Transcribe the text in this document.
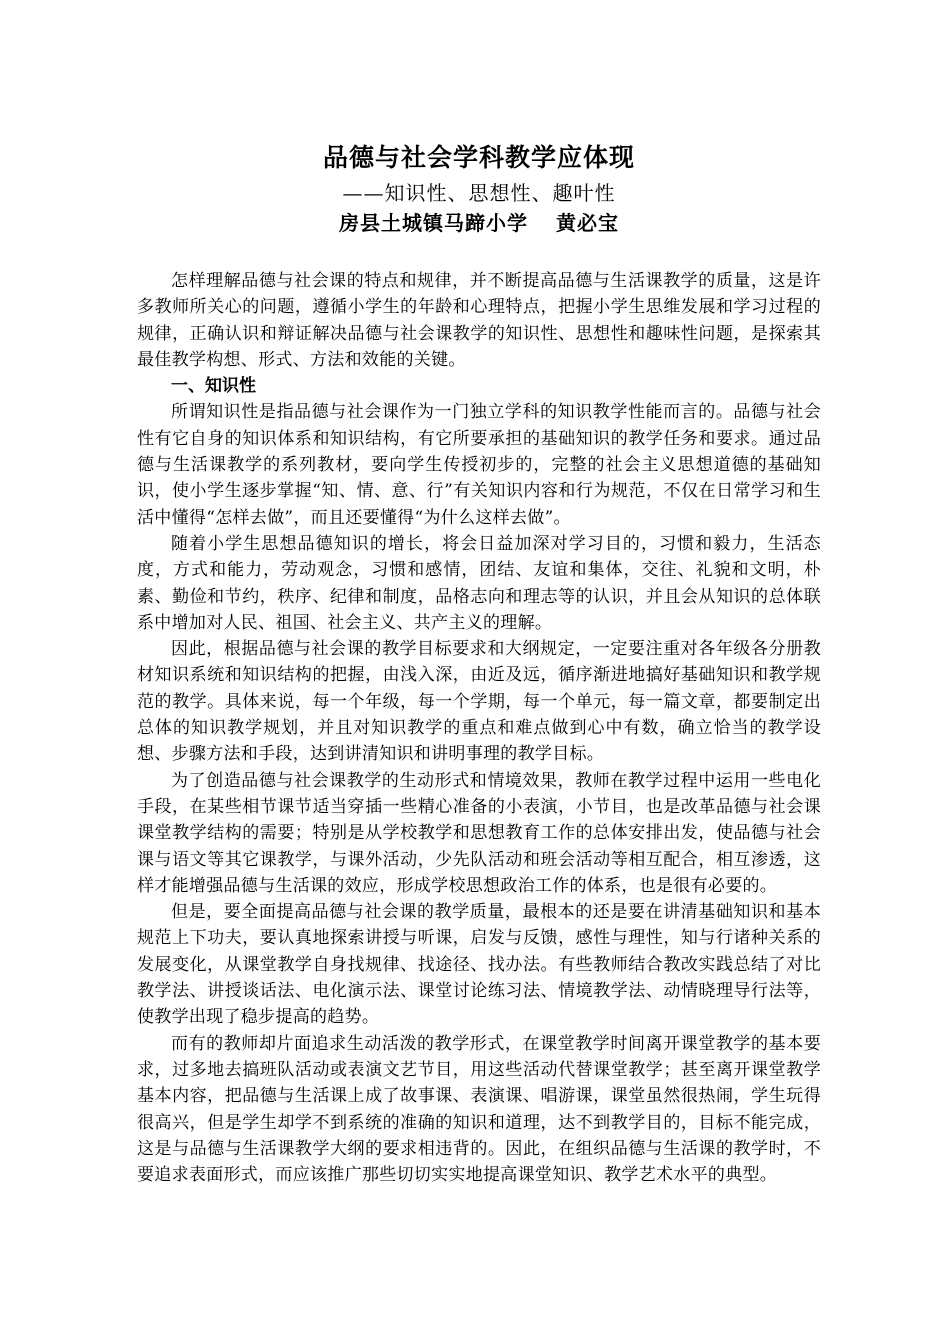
品德与社会学科教学应体现

——知识性、思想性、趣叶性

房县土城镇马蹄小学 黄必宝

怎样理解品德与社会课的特点和规律，并不断提高品德与生活课教学的质量，这是许多教师所关心的问题，遵循小学生的年龄和心理特点，把握小学生思维发展和学习过程的规律，正确认识和辩证解决品德与社会课教学的知识性、思想性和趣味性问题，是探索其最佳教学构想、形式、方法和效能的关键。

一、知识性

所谓知识性是指品德与社会课作为一门独立学科的知识教学性能而言的。品德与社会性有它自身的知识体系和知识结构，有它所要承担的基础知识的教学任务和要求。通过品德与生活课教学的系列教材，要向学生传授初步的，完整的社会主义思想道德的基础知识，使小学生逐步掌握“知、情、意、行”有关知识内容和行为规范，不仅在日常学习和生活中懂得“怎样去做”，而且还要懂得“为什么这样去做”。

随着小学生思想品德知识的增长，将会日益加深对学习目的，习惯和毅力，生活态度，方式和能力，劳动观念，习惯和感情，团结、友谊和集体，交往、礼貌和文明，朴素、勤俭和节约，秩序、纪律和制度，品格志向和理志等的认识，并且会从知识的总体联系中增加对人民、祖国、社会主义、共产主义的理解。

因此，根据品德与社会课的教学目标要求和大纲规定，一定要注重对各年级各分册教材知识系统和知识结构的把握，由浅入深，由近及远，循序渐进地搞好基础知识和教学规范的教学。具体来说，每一个年级，每一个学期，每一个单元，每一篇文章，都要制定出总体的知识教学规划，并且对知识教学的重点和难点做到心中有数，确立恰当的教学设想、步骤方法和手段，达到讲清知识和讲明事理的教学目标。

为了创造品德与社会课教学的生动形式和情境效果，教师在教学过程中运用一些电化手段，在某些相节课节适当穿插一些精心准备的小表演，小节目，也是改革品德与社会课课堂教学结构的需要；特别是从学校教学和思想教育工作的总体安排出发，使品德与社会课与语文等其它课教学，与课外活动，少先队活动和班会活动等相互配合，相互渗透，这样才能增强品德与生活课的效应，形成学校思想政治工作的体系，也是很有必要的。

但是，要全面提高品德与社会课的教学质量，最根本的还是要在讲清基础知识和基本规范上下功夫，要认真地探索讲授与听课，启发与反馈，感性与理性，知与行诸种关系的发展变化，从课堂教学自身找规律、找途径、找办法。有些教师结合教改实践总结了对比教学法、讲授谈话法、电化演示法、课堂讨论练习法、情境教学法、动情晓理导行法等，使教学出现了稳步提高的趋势。

而有的教师却片面追求生动活泼的教学形式，在课堂教学时间离开课堂教学的基本要求，过多地去搞班队活动或表演文艺节目，用这些活动代替课堂教学；甚至离开课堂教学基本内容，把品德与生活课上成了故事课、表演课、唱游课，课堂虽然很热闹，学生玩得很高兴，但是学生却学不到系统的准确的知识和道理，达不到教学目的，目标不能完成，这是与品德与生活课教学大纲的要求相违背的。因此，在组织品德与生活课的教学时，不要追求表面形式，而应该推广那些切切实实地提高课堂知识、教学艺术水平的典型。
